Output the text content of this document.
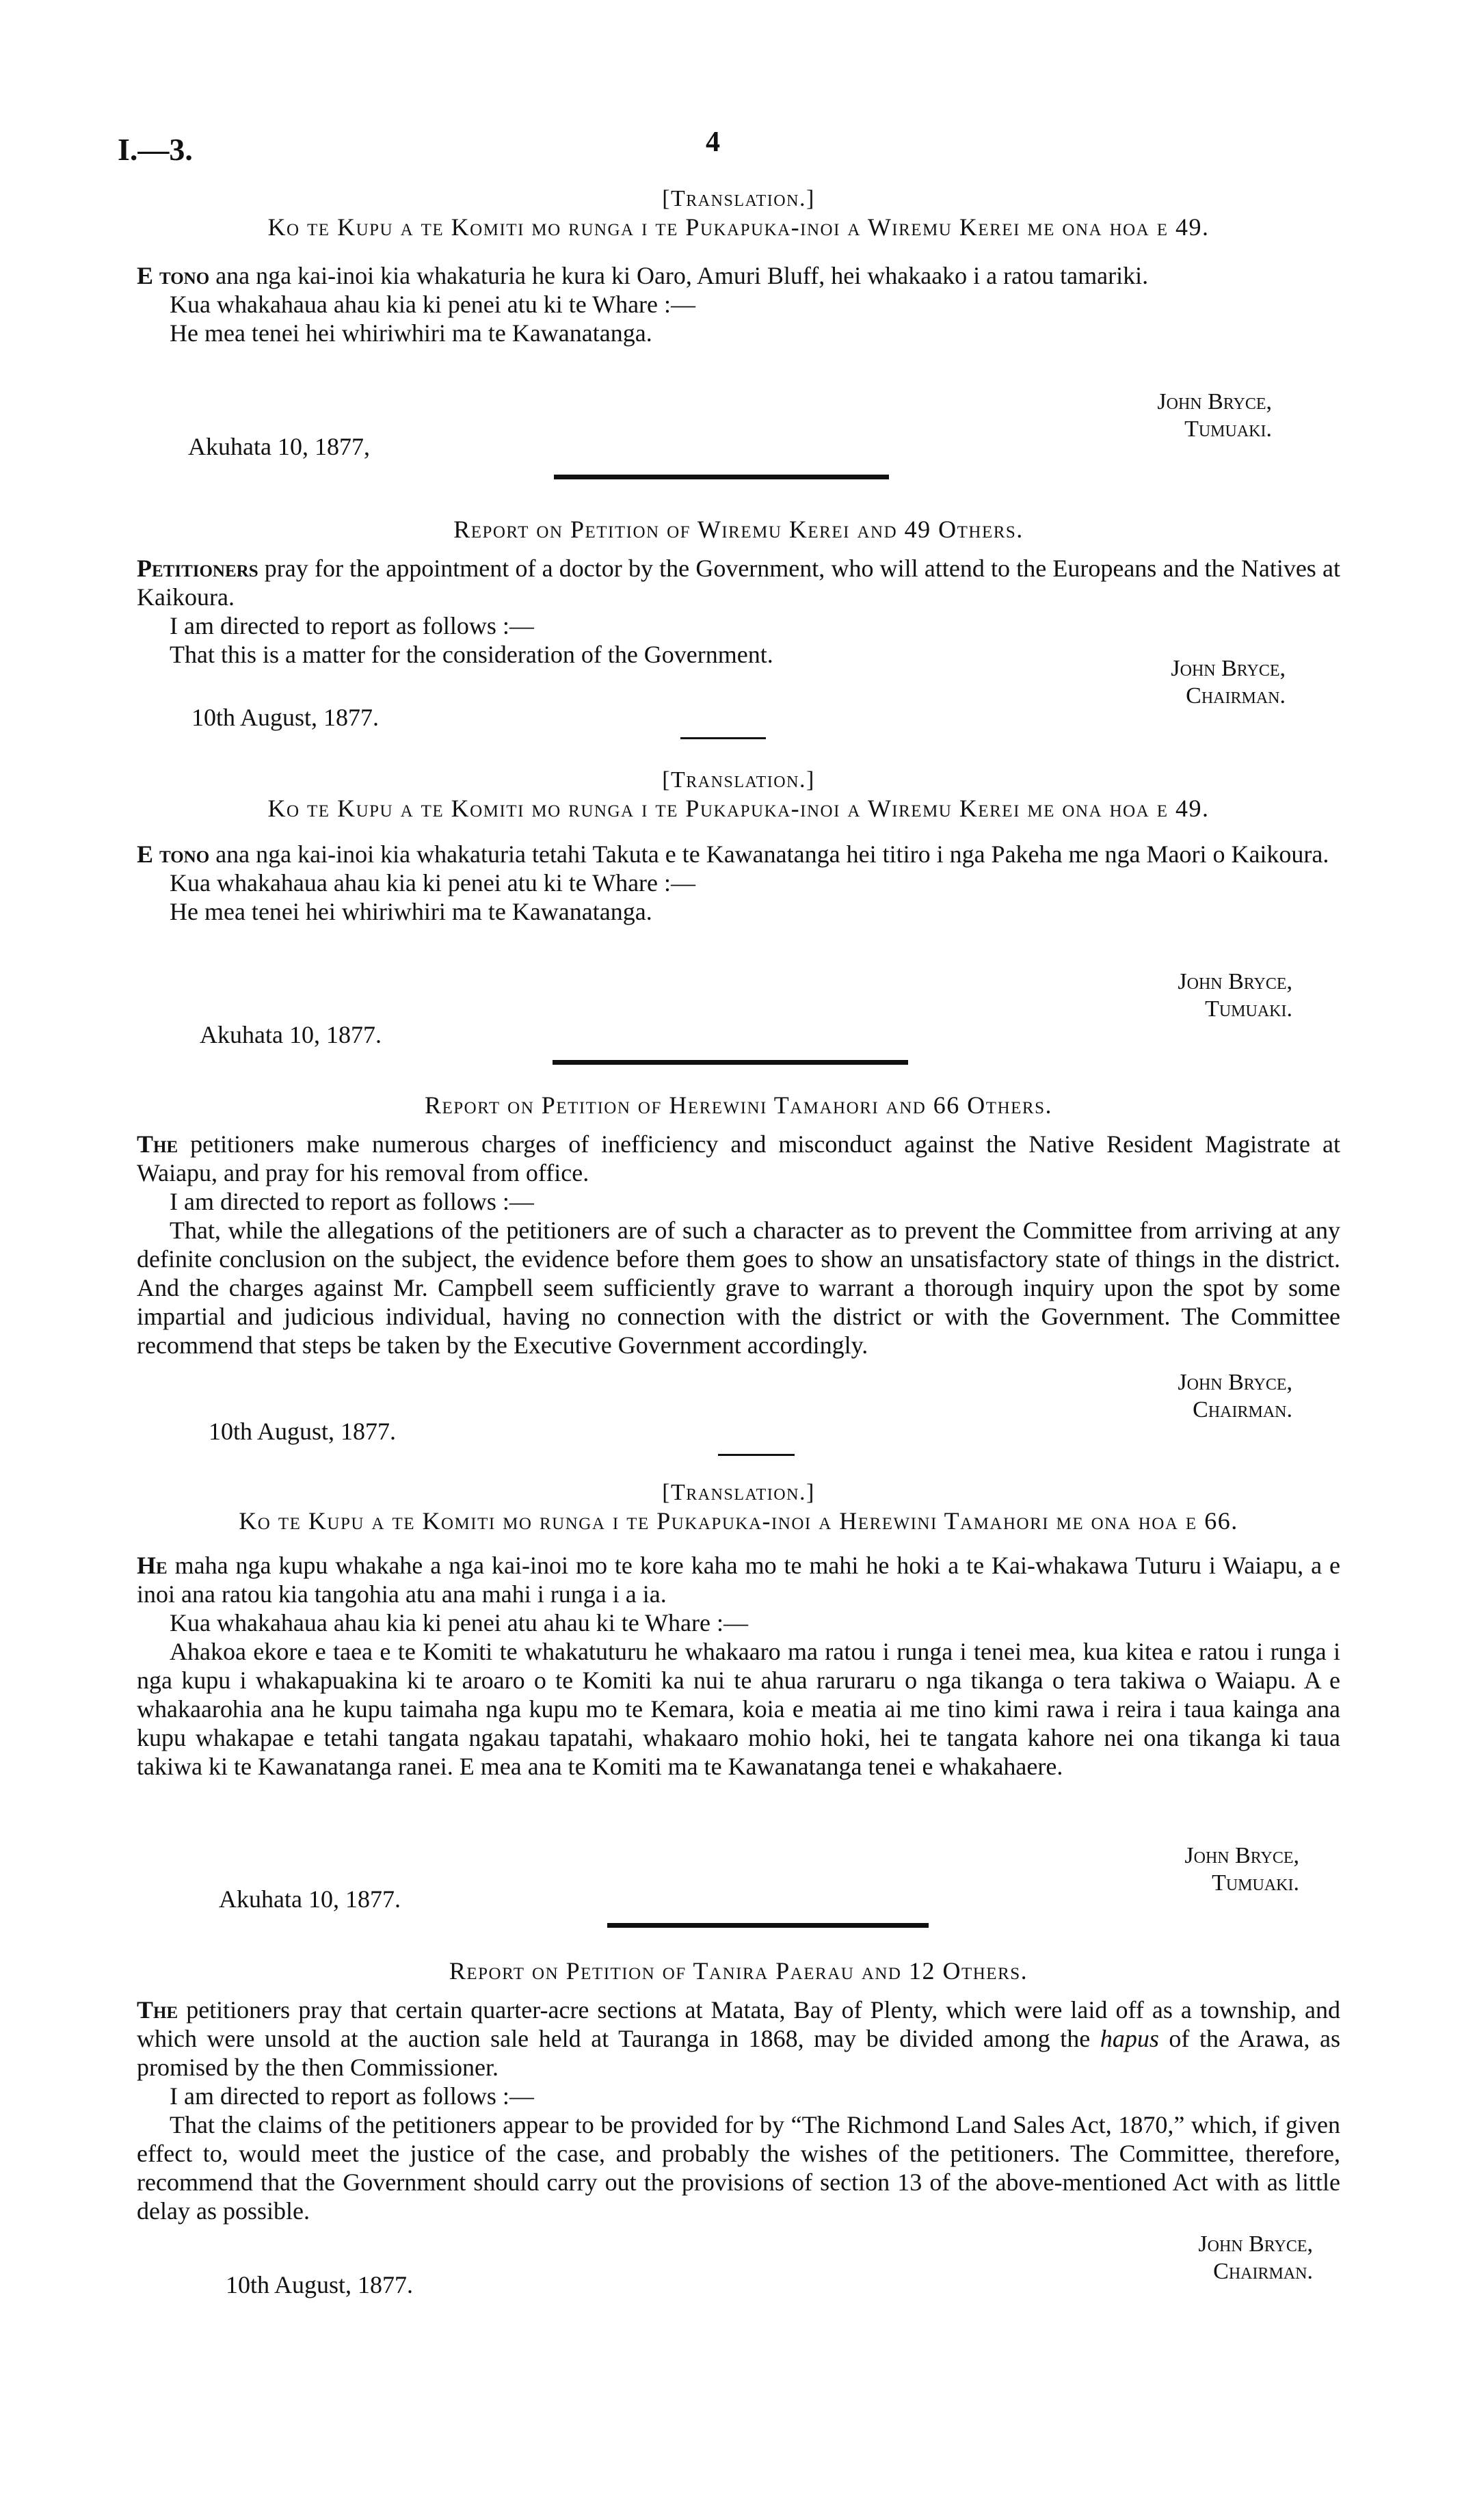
I.—3.	4
[Translation.]
Ko te Kupu a te Komiti mo runga i te Pukapuka-inoi a Wiremu Kerei me ona hoa e 49.

E tono ana nga kai-inoi kia whakaturia he kura ki Oaro, Amuri Bluff, hei whakaako i a ratou tamariki.

Kua whakahaua ahau kia ki penei atu ki te Whare :—

He mea tenei hei whiriwhiri ma te Kawanatanga.

John Bryce,
Tumuaki.
Akuhata 10, 1877,
Report on Petition of Wiremu Kerei and 49 Others.

Petitioners pray for the appointment of a doctor by the Government, who will attend to the Europeans and the Natives at Kaikoura.

I am directed to report as follows :—

That this is a matter for the consideration of the Government.

John Bryce,
Chairman.
10th August, 1877.
[Translation.]
Ko te Kupu a te Komiti mo runga i te Pukapuka-inoi a Wiremu Kerei me ona hoa e 49.

E tono ana nga kai-inoi kia whakaturia tetahi Takuta e te Kawanatanga hei titiro i nga Pakeha me nga Maori o Kaikoura.

Kua whakahaua ahau kia ki penei atu ki te Whare :—

He mea tenei hei whiriwhiri ma te Kawanatanga.

John Bryce,
Tumuaki.
Akuhata 10, 1877.
Report on Petition of Herewini Tamahori and 66 Others.

The petitioners make numerous charges of inefficiency and misconduct against the Native Resident Magistrate at Waiapu, and pray for his removal from office.

I am directed to report as follows :—

That, while the allegations of the petitioners are of such a character as to prevent the Committee from arriving at any definite conclusion on the subject, the evidence before them goes to show an unsatisfactory state of things in the district. And the charges against Mr. Campbell seem sufficiently grave to warrant a thorough inquiry upon the spot by some impartial and judicious individual, having no connection with the district or with the Government. The Committee recommend that steps be taken by the Executive Government accordingly.

John Bryce,
Chairman.
10th August, 1877.
[Translation.]
Ko te Kupu a te Komiti mo runga i te Pukapuka-inoi a Herewini Tamahori me ona hoa e 66.

He maha nga kupu whakahe a nga kai-inoi mo te kore kaha mo te mahi he hoki a te Kai-whakawa Tuturu i Waiapu, a e inoi ana ratou kia tangohia atu ana mahi i runga i a ia.

Kua whakahaua ahau kia ki penei atu ahau ki te Whare :—

Ahakoa ekore e taea e te Komiti te whakatuturu he whakaaro ma ratou i runga i tenei mea, kua kitea e ratou i runga i nga kupu i whakapuakina ki te aroaro o te Komiti ka nui te ahua raruraru o nga tikanga o tera takiwa o Waiapu. A e whakaarohia ana he kupu taimaha nga kupu mo te Kemara, koia e meatia ai me tino kimi rawa i reira i taua kainga ana kupu whakapae e tetahi tangata ngakau tapatahi, whakaaro mohio hoki, hei te tangata kahore nei ona tikanga ki taua takiwa ki te Kawanatanga ranei. E mea ana te Komiti ma te Kawanatanga tenei e whakahaere.

John Bryce,
Tumuaki.
Akuhata 10, 1877.
Report on Petition of Tanira Paerau and 12 Others.

The petitioners pray that certain quarter-acre sections at Matata, Bay of Plenty, which were laid off as a township, and which were unsold at the auction sale held at Tauranga in 1868, may be divided among the hapus of the Arawa, as promised by the then Commissioner.

I am directed to report as follows :—

That the claims of the petitioners appear to be provided for by “The Richmond Land Sales Act, 1870,” which, if given effect to, would meet the justice of the case, and probably the wishes of the petitioners. The Committee, therefore, recommend that the Government should carry out the provisions of section 13 of the above-mentioned Act with as little delay as possible.

John Bryce,
Chairman.
10th August, 1877.
